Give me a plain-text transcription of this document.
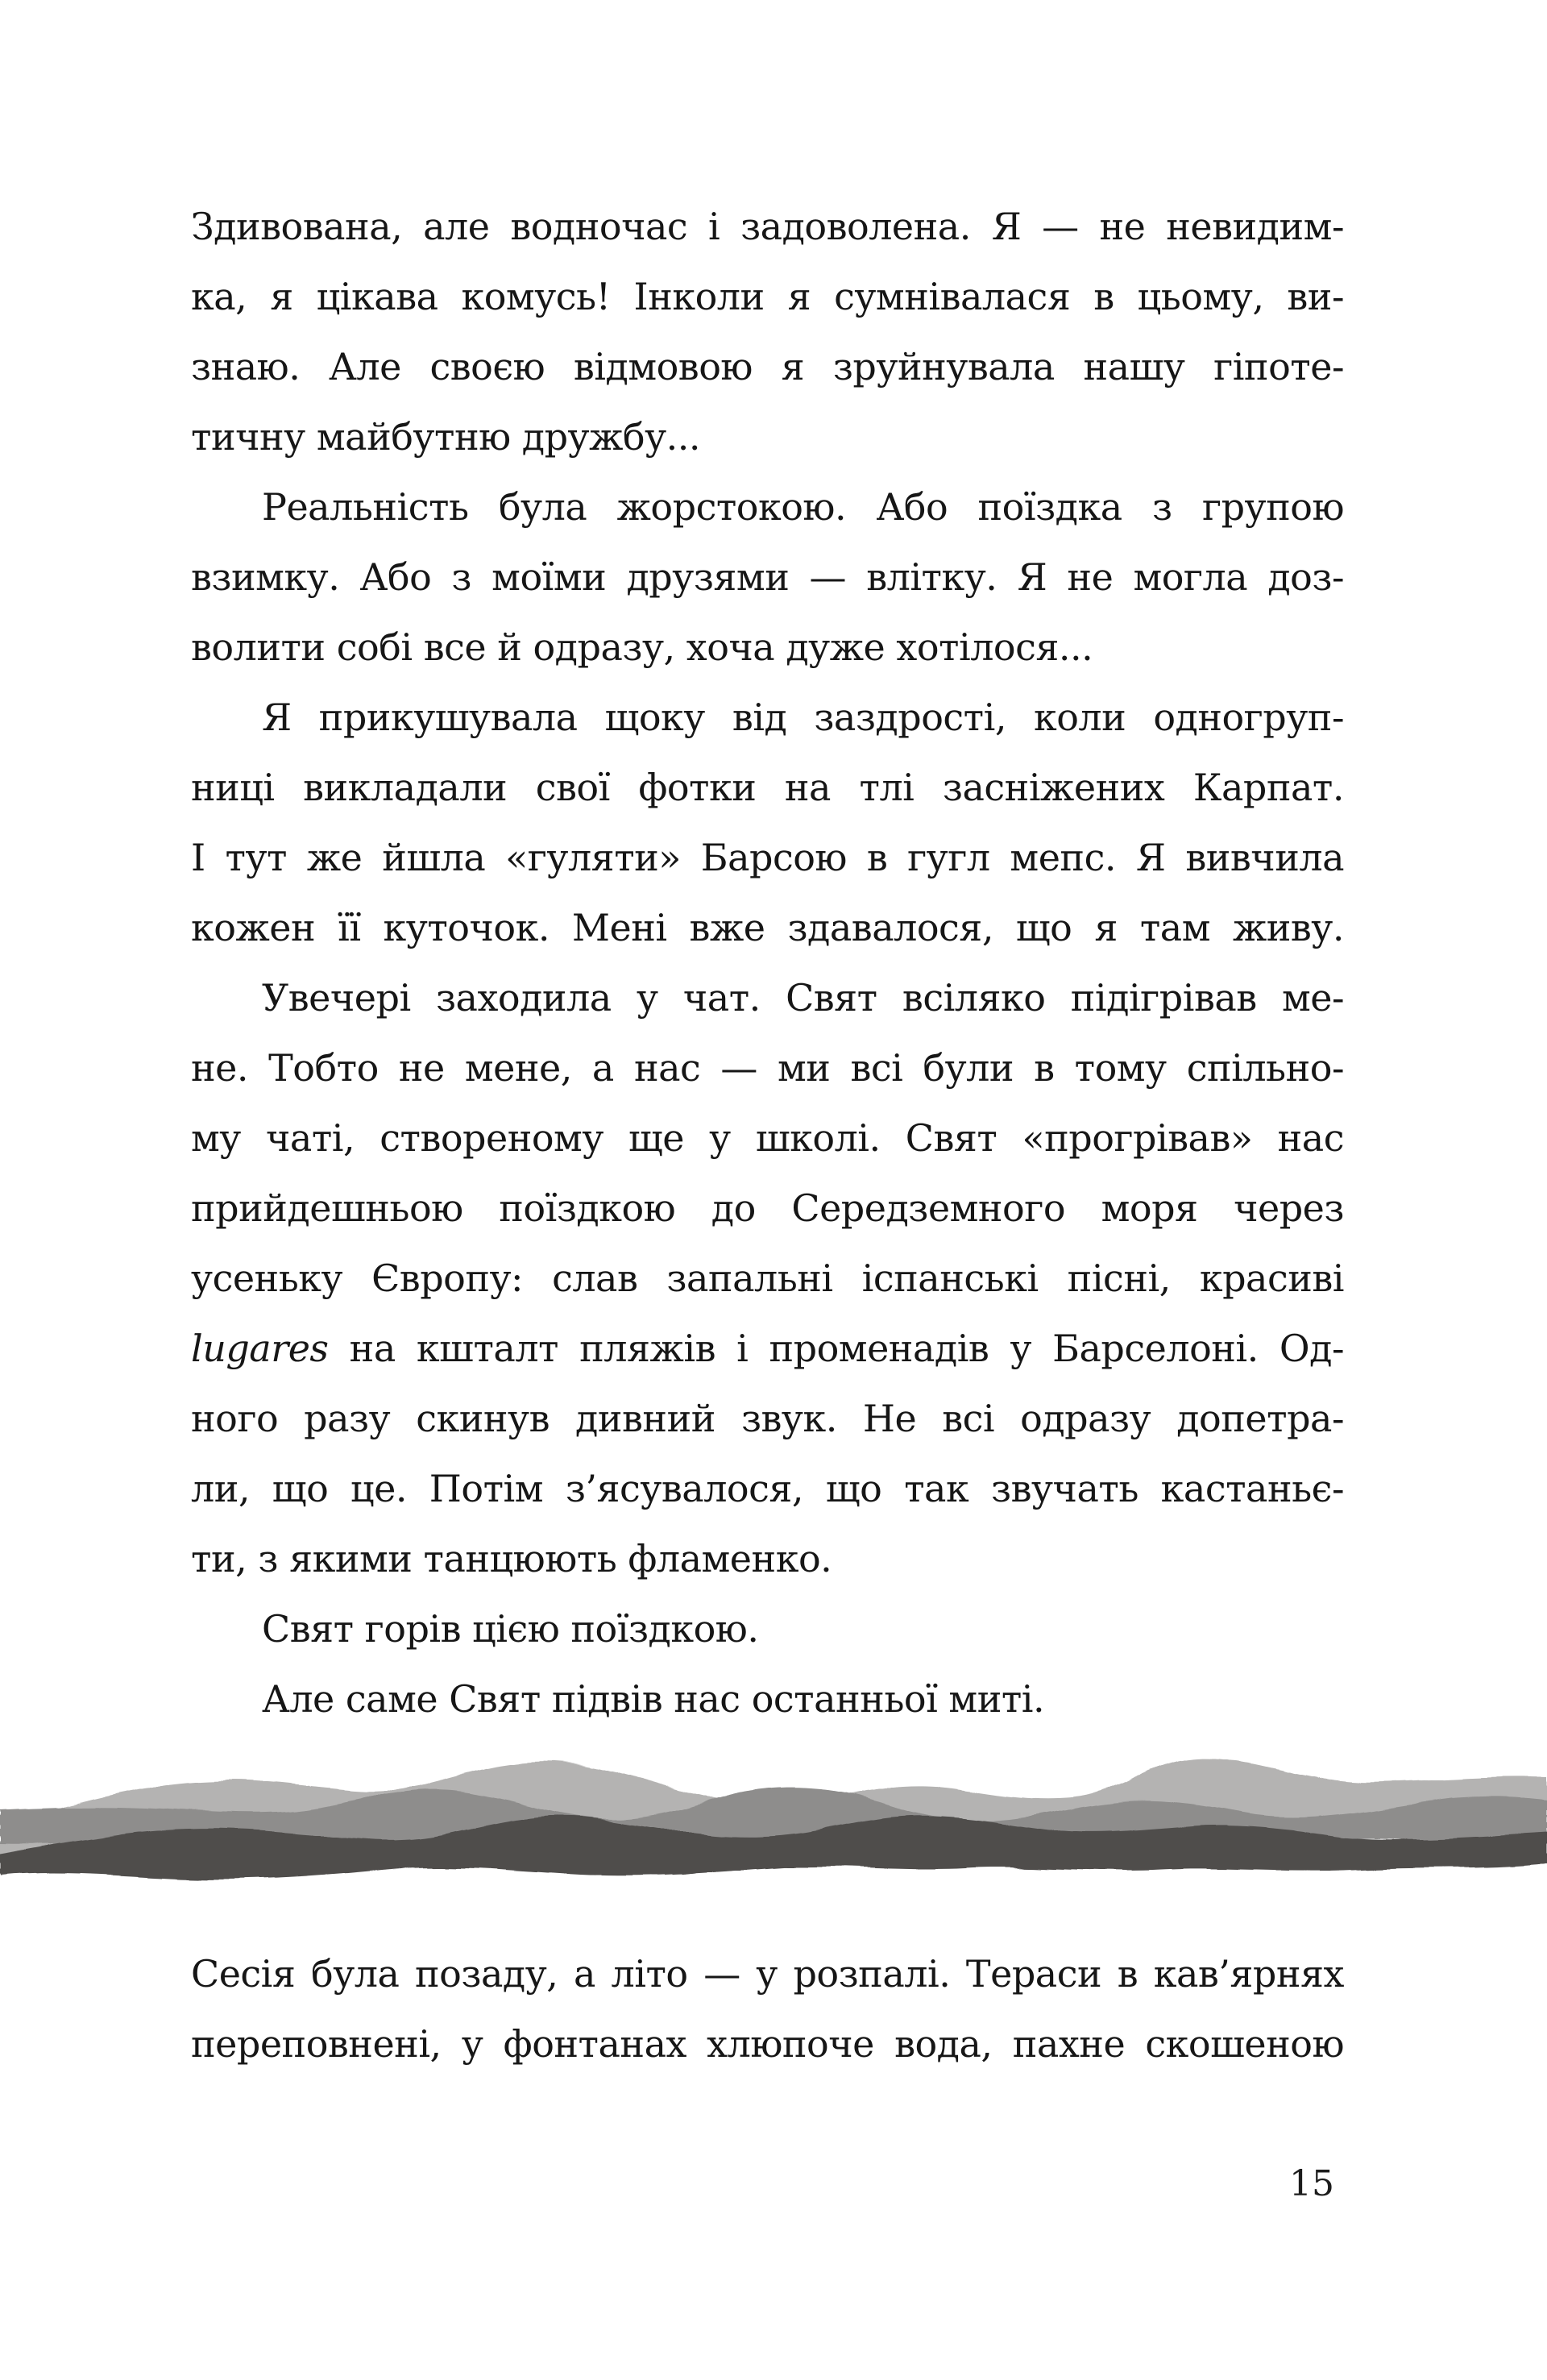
Здивована, але водночас і задоволена. Я — не невидим-
ка, я цікава комусь! Інколи я сумнівалася в цьому, ви-
знаю. Але своєю відмовою я зруйнувала нашу гіпоте-
тичну майбутню дружбу...
Реальність була жорстокою. Або поїздка з групою
взимку. Або з моїми друзями — влітку. Я не могла доз-
волити собі все й одразу, хоча дуже хотілося...
Я прикушувала щоку від заздрості, коли одногруп-
ниці викладали свої фотки на тлі засніжених Карпат.
І тут же йшла «гуляти» Барсою в гугл мепс. Я вивчила
кожен її куточок. Мені вже здавалося, що я там живу.
Увечері заходила у чат. Свят всіляко підігрівав ме-
не. Тобто не мене, а нас — ми всі були в тому спільно-
му чаті, створеному ще у школі. Свят «прогрівав» нас
прийдешньою поїздкою до Середземного моря через
усеньку Європу: слав запальні іспанські пісні, красиві
lugares на кшталт пляжів і променадів у Барселоні. Од-
ного разу скинув дивний звук. Не всі одразу допетра-
ли, що це. Потім з’ясувалося, що так звучать кастаньє-
ти, з якими танцюють фламенко.
Свят горів цією поїздкою.
Але саме Свят підвів нас останньої миті.
Сесія була позаду, а літо — у розпалі. Тераси в кав’ярнях
переповнені, у фонтанах хлюпоче вода, пахне скошеною
15
